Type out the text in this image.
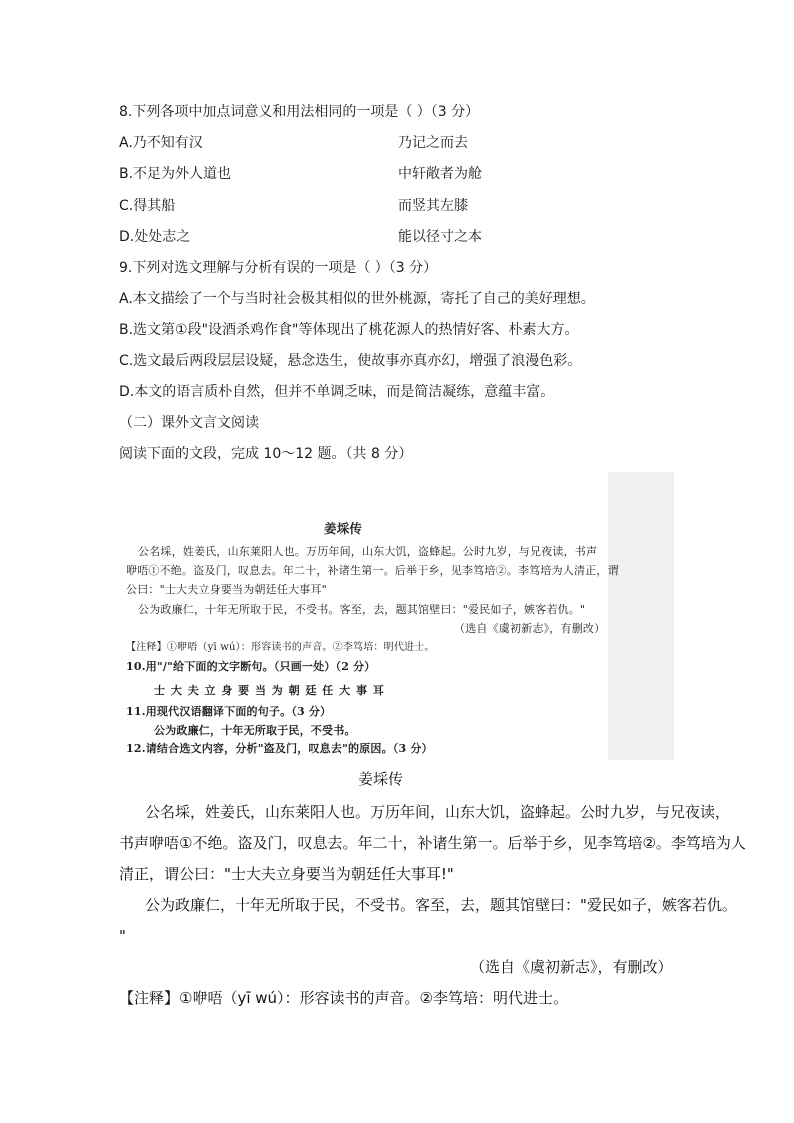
8.下列各项中加点词意义和用法相同的一项是（ ）（3 分）
A.乃不知有汉	乃记之而去
B.不足为外人道也	中轩敞者为舱
C.得其船	而竖其左膝
D.处处志之	能以径寸之本
9.下列对选文理解与分析有误的一项是（ ）（3 分）
A.本文描绘了一个与当时社会极其相似的世外桃源，寄托了自己的美好理想。
B.选文第①段"设酒杀鸡作食"等体现出了桃花源人的热情好客、朴素大方。
C.选文最后两段层层设疑，悬念迭生，使故事亦真亦幻，增强了浪漫色彩。
D.本文的语言质朴自然，但并不单调乏味，而是简洁凝练，意蕴丰富。
（二）课外文言文阅读
阅读下面的文段，完成 10～12 题。（共 8 分）
姜埰传
公名埰，姓姜氏，山东莱阳人也。万历年间，山东大饥，盗蜂起。公时九岁，与兄夜读，书声
咿唔①不绝。盗及门，叹息去。年二十，补诸生第一。后举于乡，见李笃培②。李笃培为人清正，谓
公曰："士大夫立身要当为朝廷任大事耳"
公为政廉仁，十年无所取于民，不受书。客至，去，题其馆壁曰："爱民如子，嫉客若仇。"
（选自《虞初新志》，有删改）
【注释】①咿唔（yī wú）：形容读书的声音。②李笃培：明代进士。
10.用"/"给下面的文字断句。（只画一处）（2 分）
士 大 夫 立 身 要 当 为 朝 廷 任 大 事 耳
11.用现代汉语翻译下面的句子。（3 分）
公为政廉仁，十年无所取于民，不受书。
12.请结合选文内容，分析"盗及门，叹息去"的原因。（3 分）
姜埰传
公名埰，姓姜氏，山东莱阳人也。万历年间，山东大饥，盗蜂起。公时九岁，与兄夜读，
书声咿唔①不绝。盗及门，叹息去。年二十，补诸生第一。后举于乡，见李笃培②。李笃培为人
清正，谓公曰："士大夫立身要当为朝廷任大事耳!"
公为政廉仁，十年无所取于民，不受书。客至，去，题其馆壁曰："爱民如子，嫉客若仇。
"
（选自《虞初新志》，有删改）
【注释】①咿唔（yī wú）：形容读书的声音。②李笃培：明代进士。
